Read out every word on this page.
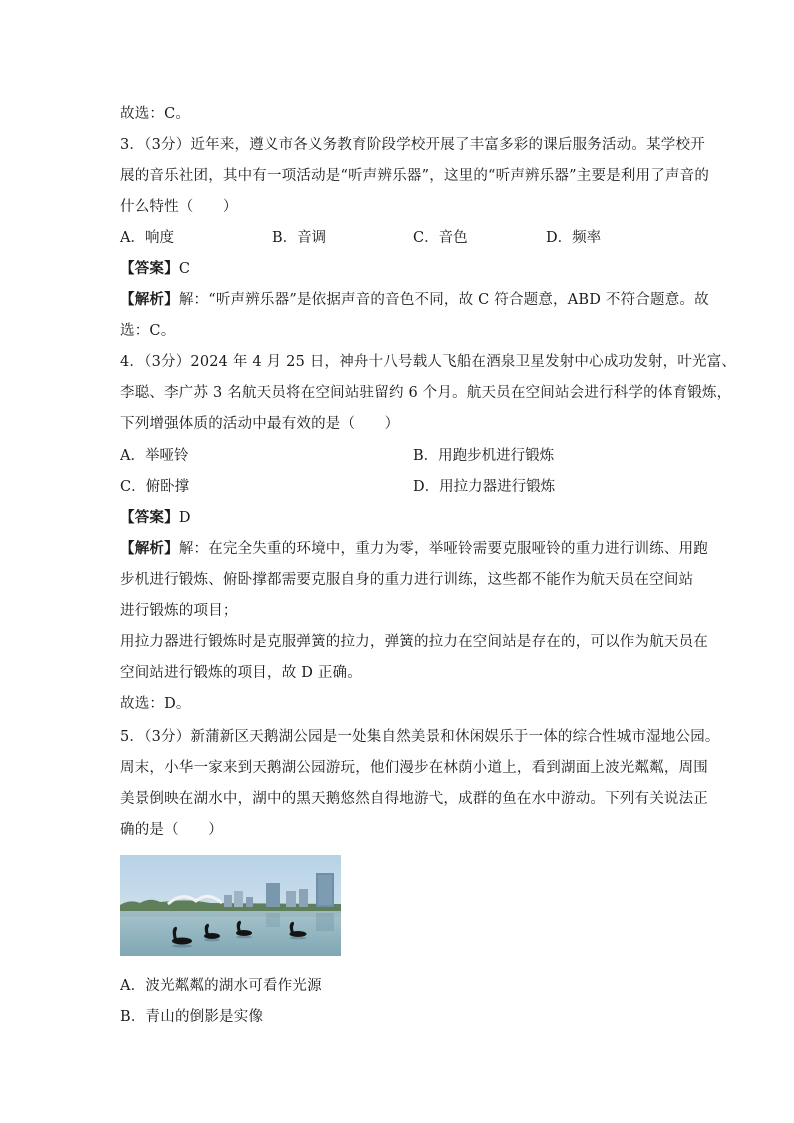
故选：C。
3．（3分）近年来，遵义市各义务教育阶段学校开展了丰富多彩的课后服务活动。某学校开
展的音乐社团，其中有一项活动是“听声辨乐器”，这里的“听声辨乐器”主要是利用了声音的
什么特性（　　）
A．响度	B．音调	C．音色	D．频率
【答案】C
【解析】解：“听声辨乐器”是依据声音的音色不同，故 C 符合题意，ABD 不符合题意。故
选：C。
4．（3分）2024 年 4 月 25 日，神舟十八号载人飞船在酒泉卫星发射中心成功发射，叶光富、
李聪、李广苏 3 名航天员将在空间站驻留约 6 个月。航天员在空间站会进行科学的体育锻炼，
下列增强体质的活动中最有效的是（　　）
A．举哑铃	B．用跑步机进行锻炼
C．俯卧撑	D．用拉力器进行锻炼
【答案】D
【解析】解：在完全失重的环境中，重力为零，举哑铃需要克服哑铃的重力进行训练、用跑
步机进行锻炼、俯卧撑都需要克服自身的重力进行训练，这些都不能作为航天员在空间站
进行锻炼的项目；
用拉力器进行锻炼时是克服弹簧的拉力，弹簧的拉力在空间站是存在的，可以作为航天员在
空间站进行锻炼的项目，故 D 正确。
故选：D。
5．（3分）新蒲新区天鹅湖公园是一处集自然美景和休闲娱乐于一体的综合性城市湿地公园。
周末，小华一家来到天鹅湖公园游玩，他们漫步在林荫小道上，看到湖面上波光粼粼，周围
美景倒映在湖水中，湖中的黑天鹅悠然自得地游弋，成群的鱼在水中游动。下列有关说法正
确的是（　　）
A．波光粼粼的湖水可看作光源
B．青山的倒影是实像
